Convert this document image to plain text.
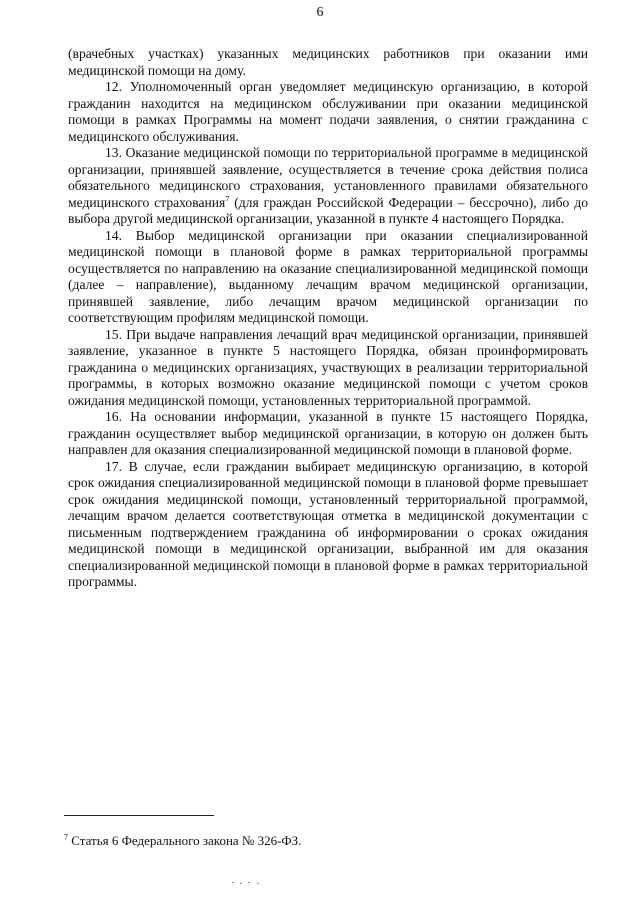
6

(врачебных участках) указанных медицинских работников при оказании ими медицинской помощи на дому.

12. Уполномоченный орган уведомляет медицинскую организацию, в которой гражданин находится на медицинском обслуживании при оказании медицинской помощи в рамках Программы на момент подачи заявления, о снятии гражданина с медицинского обслуживания.

13. Оказание медицинской помощи по территориальной программе в медицинской организации, принявшей заявление, осуществляется в течение срока действия полиса обязательного медицинского страхования, установленного правилами обязательного медицинского страхования$^7$ (для граждан Российской Федерации – бессрочно), либо до выбора другой медицинской организации, указанной в пункте 4 настоящего Порядка.

14. Выбор медицинской организации при оказании специализированной медицинской помощи в плановой форме в рамках территориальной программы осуществляется по направлению на оказание специализированной медицинской помощи (далее – направление), выданному лечащим врачом медицинской организации, принявшей заявление, либо лечащим врачом медицинской организации по соответствующим профилям медицинской помощи.

15. При выдаче направления лечащий врач медицинской организации, принявшей заявление, указанное в пункте 5 настоящего Порядка, обязан проинформировать гражданина о медицинских организациях, участвующих в реализации территориальной программы, в которых возможно оказание медицинской помощи с учетом сроков ожидания медицинской помощи, установленных территориальной программой.

16. На основании информации, указанной в пункте 15 настоящего Порядка, гражданин осуществляет выбор медицинской организации, в которую он должен быть направлен для оказания специализированной медицинской помощи в плановой форме.

17. В случае, если гражданин выбирает медицинскую организацию, в которой срок ожидания специализированной медицинской помощи в плановой форме превышает срок ожидания медицинской помощи, установленный территориальной программой, лечащим врачом делается соответствующая отметка в медицинской документации с письменным подтверждением гражданина об информировании о сроках ожидания медицинской помощи в медицинской организации, выбранной им для оказания специализированной медицинской помощи в плановой форме в рамках территориальной программы.

$^7$ Статья 6 Федерального закона № 326-ФЗ.
